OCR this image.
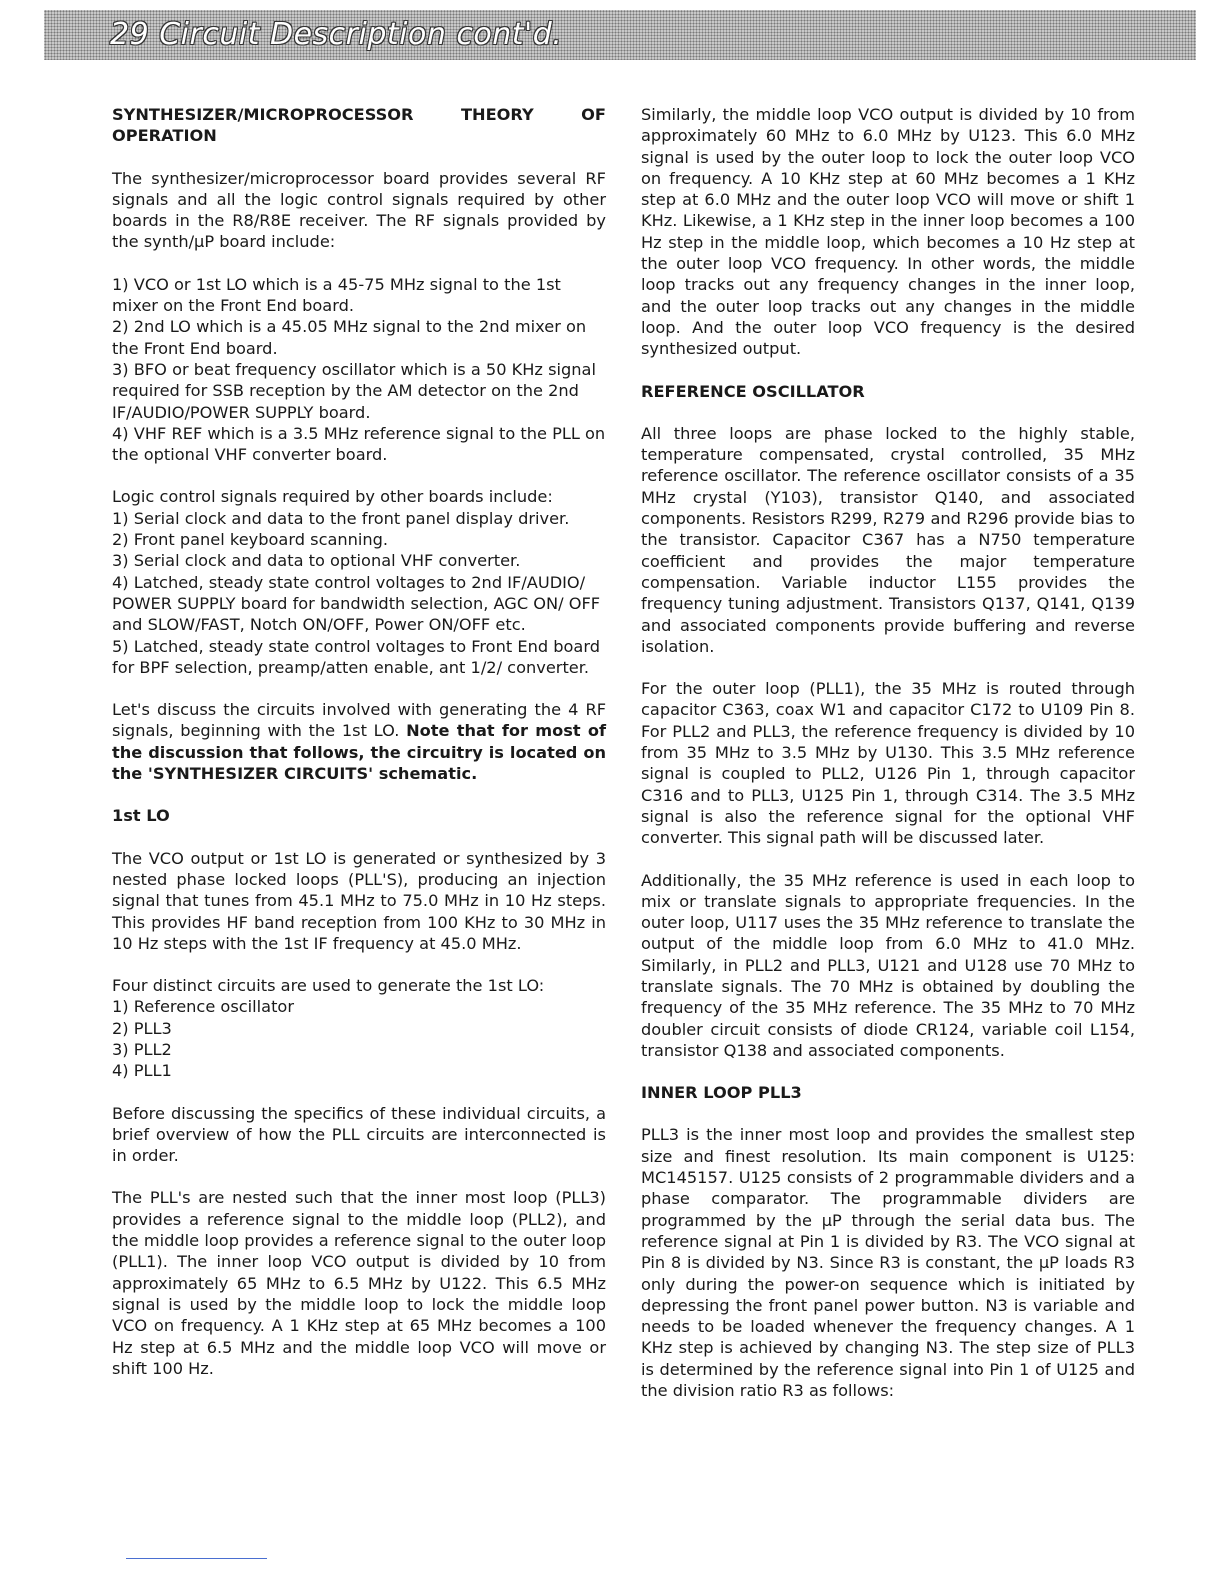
29 Circuit Description cont'd.
SYNTHESIZER/MICROPROCESSOR THEORY OF OPERATION

The synthesizer/microprocessor board provides several RF signals and all the logic control signals required by other boards in the R8/R8E receiver. The RF signals provided by the synth/µP board include:

1) VCO or 1st LO which is a 45-75 MHz signal to the 1st mixer on the Front End board.
2) 2nd LO which is a 45.05 MHz signal to the 2nd mixer on the Front End board.
3) BFO or beat frequency oscillator which is a 50 KHz signal required for SSB reception by the AM detector on the 2nd IF/AUDIO/POWER SUPPLY board.
4) VHF REF which is a 3.5 MHz reference signal to the PLL on the optional VHF converter board.

Logic control signals required by other boards include:
1) Serial clock and data to the front panel display driver.
2) Front panel keyboard scanning.
3) Serial clock and data to optional VHF converter.
4) Latched, steady state control voltages to 2nd IF/AUDIO/ POWER SUPPLY board for bandwidth selection, AGC ON/ OFF and SLOW/FAST, Notch ON/OFF, Power ON/OFF etc.
5) Latched, steady state control voltages to Front End board for BPF selection, preamp/atten enable, ant 1/2/ converter.

Let's discuss the circuits involved with generating the 4 RF signals, beginning with the 1st LO. Note that for most of the discussion that follows, the circuitry is located on the 'SYNTHESIZER CIRCUITS' schematic.

1st LO

The VCO output or 1st LO is generated or synthesized by 3 nested phase locked loops (PLL'S), producing an injection signal that tunes from 45.1 MHz to 75.0 MHz in 10 Hz steps. This provides HF band reception from 100 KHz to 30 MHz in 10 Hz steps with the 1st IF frequency at 45.0 MHz.

Four distinct circuits are used to generate the 1st LO:
1) Reference oscillator
2) PLL3
3) PLL2
4) PLL1

Before discussing the specifics of these individual circuits, a brief overview of how the PLL circuits are interconnected is in order.

The PLL's are nested such that the inner most loop (PLL3) provides a reference signal to the middle loop (PLL2), and the middle loop provides a reference signal to the outer loop (PLL1). The inner loop VCO output is divided by 10 from approximately 65 MHz to 6.5 MHz by U122. This 6.5 MHz signal is used by the middle loop to lock the middle loop VCO on frequency. A 1 KHz step at 65 MHz becomes a 100 Hz step at 6.5 MHz and the middle loop VCO will move or shift 100 Hz.

Similarly, the middle loop VCO output is divided by 10 from approximately 60 MHz to 6.0 MHz by U123. This 6.0 MHz signal is used by the outer loop to lock the outer loop VCO on frequency. A 10 KHz step at 60 MHz becomes a 1 KHz step at 6.0 MHz and the outer loop VCO will move or shift 1 KHz. Likewise, a 1 KHz step in the inner loop becomes a 100 Hz step in the middle loop, which becomes a 10 Hz step at the outer loop VCO frequency. In other words, the middle loop tracks out any frequency changes in the inner loop, and the outer loop tracks out any changes in the middle loop. And the outer loop VCO frequency is the desired synthesized output.

REFERENCE OSCILLATOR

All three loops are phase locked to the highly stable, temperature compensated, crystal controlled, 35 MHz reference oscillator. The reference oscillator consists of a 35 MHz crystal (Y103), transistor Q140, and associated components. Resistors R299, R279 and R296 provide bias to the transistor. Capacitor C367 has a N750 temperature coefficient and provides the major temperature compensation. Variable inductor L155 provides the frequency tuning adjustment. Transistors Q137, Q141, Q139 and associated components provide buffering and reverse isolation.

For the outer loop (PLL1), the 35 MHz is routed through capacitor C363, coax W1 and capacitor C172 to U109 Pin 8. For PLL2 and PLL3, the reference frequency is divided by 10 from 35 MHz to 3.5 MHz by U130. This 3.5 MHz reference signal is coupled to PLL2, U126 Pin 1, through capacitor C316 and to PLL3, U125 Pin 1, through C314. The 3.5 MHz signal is also the reference signal for the optional VHF converter. This signal path will be discussed later.

Additionally, the 35 MHz reference is used in each loop to mix or translate signals to appropriate frequencies. In the outer loop, U117 uses the 35 MHz reference to translate the output of the middle loop from 6.0 MHz to 41.0 MHz. Similarly, in PLL2 and PLL3, U121 and U128 use 70 MHz to translate signals. The 70 MHz is obtained by doubling the frequency of the 35 MHz reference. The 35 MHz to 70 MHz doubler circuit consists of diode CR124, variable coil L154, transistor Q138 and associated components.

INNER LOOP PLL3

PLL3 is the inner most loop and provides the smallest step size and finest resolution. Its main component is U125: MC145157. U125 consists of 2 programmable dividers and a phase comparator. The programmable dividers are programmed by the µP through the serial data bus. The reference signal at Pin 1 is divided by R3. The VCO signal at Pin 8 is divided by N3. Since R3 is constant, the µP loads R3 only during the power-on sequence which is initiated by depressing the front panel power button. N3 is variable and needs to be loaded whenever the frequency changes. A 1 KHz step is achieved by changing N3. The step size of PLL3 is determined by the reference signal into Pin 1 of U125 and the division ratio R3 as follows:
